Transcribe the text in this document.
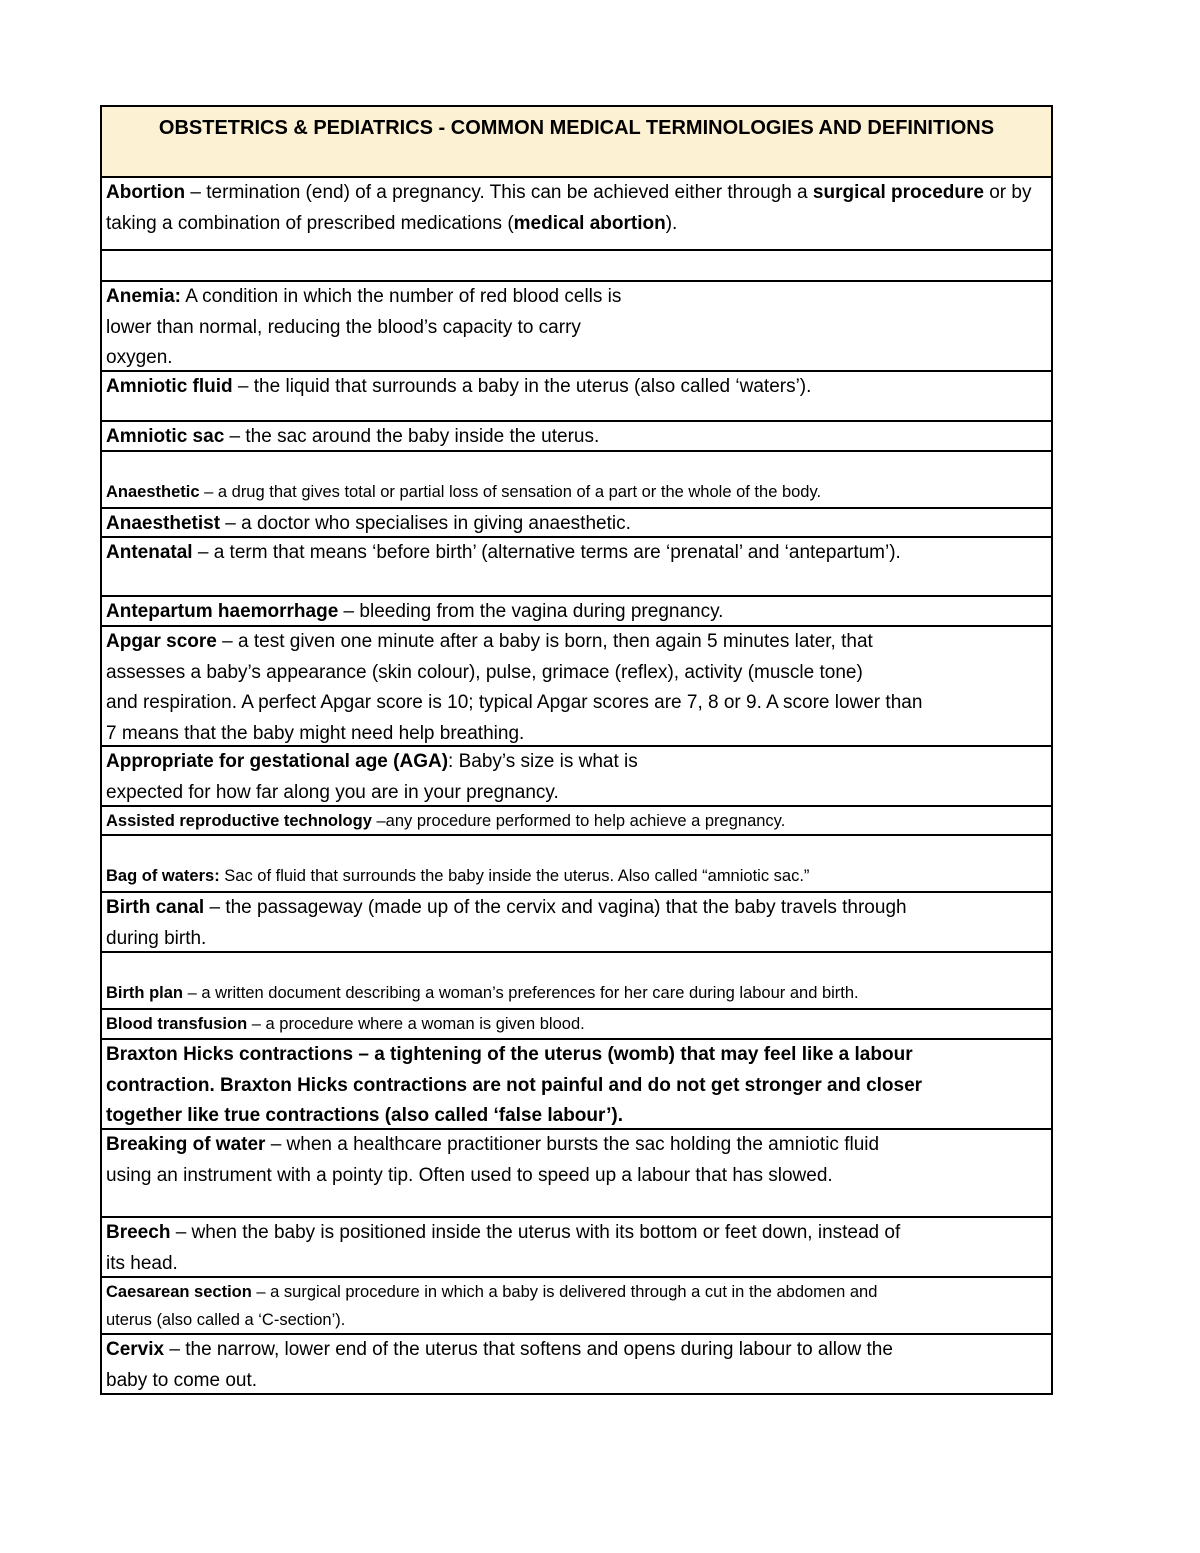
OBSTETRICS & PEDIATRICS - COMMON MEDICAL TERMINOLOGIES AND DEFINITIONS
Abortion – termination (end) of a pregnancy. This can be achieved either through a surgical procedure or by taking a combination of prescribed medications (medical abortion).
Anemia: A condition in which the number of red blood cells is
lower than normal, reducing the blood’s capacity to carry
oxygen.
Amniotic fluid – the liquid that surrounds a baby in the uterus (also called ‘waters’).
Amniotic sac – the sac around the baby inside the uterus.
Anaesthetic – a drug that gives total or partial loss of sensation of a part or the whole of the body.
Anaesthetist – a doctor who specialises in giving anaesthetic.
Antenatal – a term that means ‘before birth’ (alternative terms are ‘prenatal’ and ‘antepartum’).
Antepartum haemorrhage – bleeding from the vagina during pregnancy.
Apgar score – a test given one minute after a baby is born, then again 5 minutes later, that
assesses a baby’s appearance (skin colour), pulse, grimace (reflex), activity (muscle tone)
and respiration. A perfect Apgar score is 10; typical Apgar scores are 7, 8 or 9. A score lower than
7 means that the baby might need help breathing.
Appropriate for gestational age (AGA): Baby’s size is what is
expected for how far along you are in your pregnancy.
Assisted reproductive technology –any procedure performed to help achieve a pregnancy.
Bag of waters: Sac of fluid that surrounds the baby inside the uterus. Also called “amniotic sac.”
Birth canal – the passageway (made up of the cervix and vagina) that the baby travels through
during birth.
Birth plan – a written document describing a woman’s preferences for her care during labour and birth.
Blood transfusion – a procedure where a woman is given blood.
Braxton Hicks contractions – a tightening of the uterus (womb) that may feel like a labour
contraction. Braxton Hicks contractions are not painful and do not get stronger and closer
together like true contractions (also called ‘false labour’).
Breaking of water – when a healthcare practitioner bursts the sac holding the amniotic fluid
using an instrument with a pointy tip. Often used to speed up a labour that has slowed.
Breech – when the baby is positioned inside the uterus with its bottom or feet down, instead of
its head.
Caesarean section – a surgical procedure in which a baby is delivered through a cut in the abdomen and
uterus (also called a ‘C-section’).
Cervix – the narrow, lower end of the uterus that softens and opens during labour to allow the
baby to come out.
